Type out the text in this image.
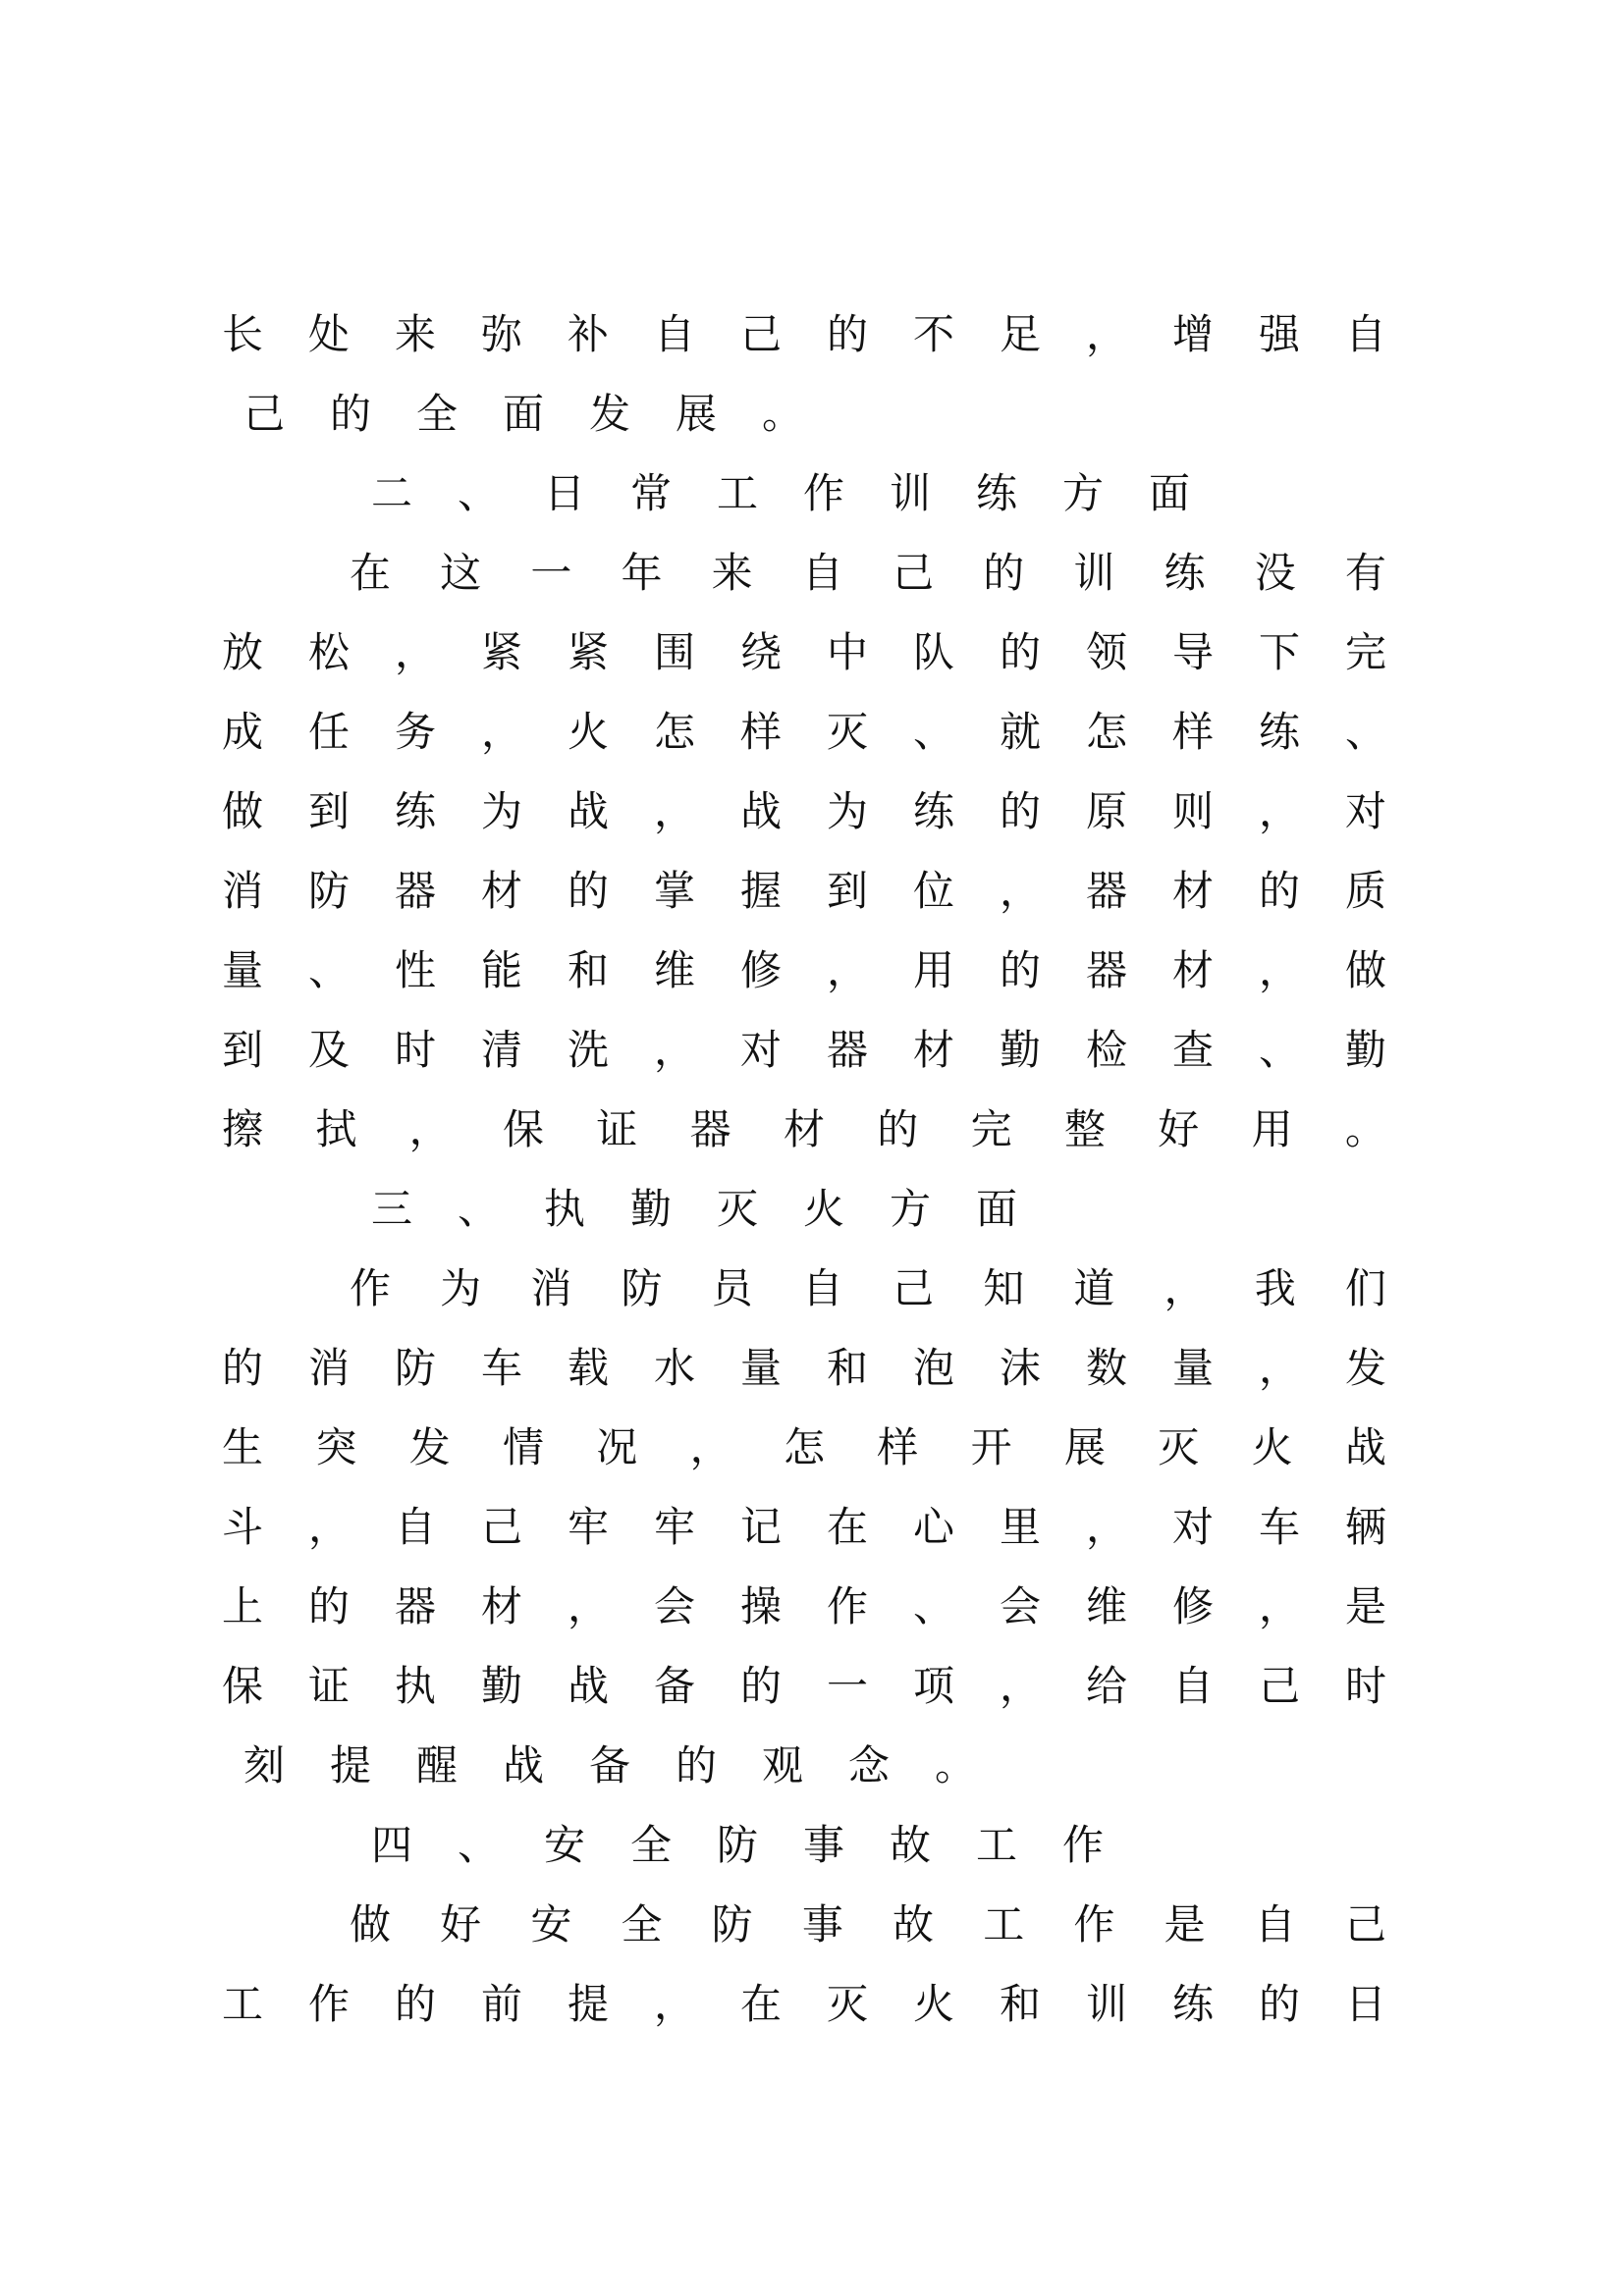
长 处 来 弥 补 自 己 的 不 足 ， 增 强 自
己	的	全	面	发	展	。
二	、	日	常	工	作	训	练	方	面
在 这 一 年 来 自 己 的 训 练 没 有
放 松 ， 紧 紧 围 绕 中 队 的 领 导 下 完
成 任 务 ， 火 怎 样 灭 、 就 怎 样 练 、
做 到 练 为 战 ， 战 为 练 的 原 则 ， 对
消 防 器 材 的 掌 握 到 位 ， 器 材 的 质
量 、 性 能 和 维 修 ， 用 的 器 材 ， 做
到 及 时 清 洗 ， 对 器 材 勤 检 查 、 勤
擦 拭 ， 保 证 器 材 的 完 整 好 用 。
三	、	执	勤	灭	火	方	面
作 为 消 防 员 自 己 知 道 ， 我 们
的 消 防 车 载 水 量 和 泡 沫 数 量 ， 发
生 突 发 情 况 ， 怎 样 开 展 灭 火 战
斗 ， 自 己 牢 牢 记 在 心 里 ， 对 车 辆
上 的 器 材 ， 会 操 作 、 会 维 修 ， 是
保 证 执 勤 战 备 的 一 项 ， 给 自 己 时
刻	提	醒	战	备	的	观	念	。
四	、	安	全	防	事	故	工	作
做 好 安 全 防 事 故 工 作 是 自 己
工 作 的 前 提 ， 在 灭 火 和 训 练 的 日
